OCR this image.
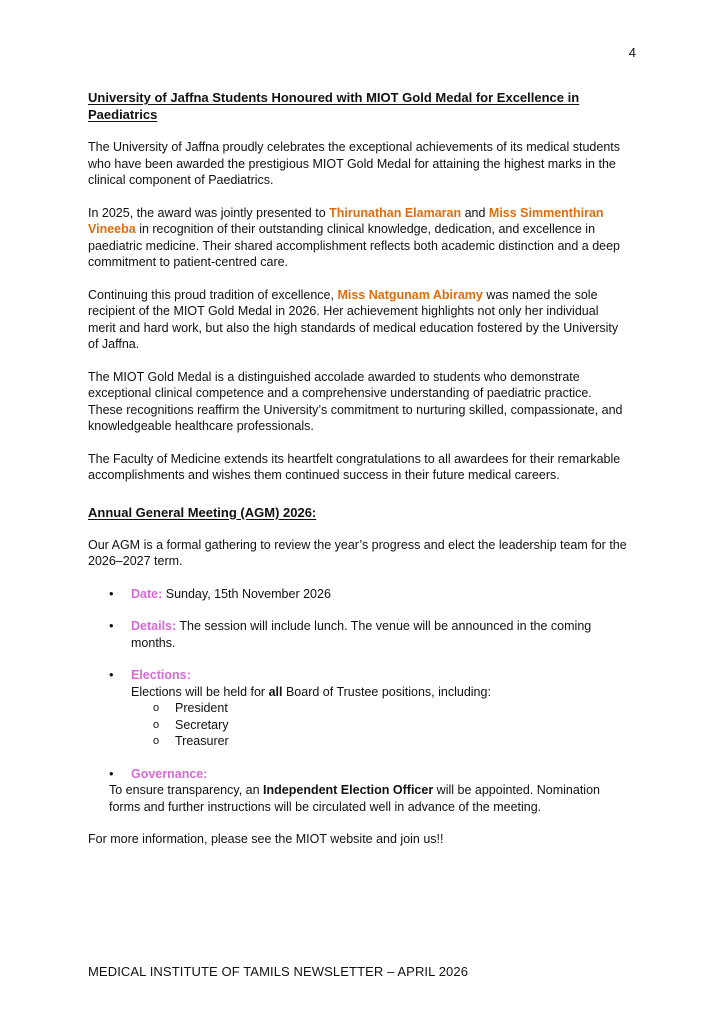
4
University of Jaffna Students Honoured with MIOT Gold Medal for Excellence in Paediatrics

The University of Jaffna proudly celebrates the exceptional achievements of its medical students who have been awarded the prestigious MIOT Gold Medal for attaining the highest marks in the clinical component of Paediatrics.

In 2025, the award was jointly presented to Thirunathan Elamaran and Miss Simmenthiran Vineeba in recognition of their outstanding clinical knowledge, dedication, and excellence in paediatric medicine. Their shared accomplishment reflects both academic distinction and a deep commitment to patient-centred care.

Continuing this proud tradition of excellence, Miss Natgunam Abiramy was named the sole recipient of the MIOT Gold Medal in 2026. Her achievement highlights not only her individual merit and hard work, but also the high standards of medical education fostered by the University of Jaffna.

The MIOT Gold Medal is a distinguished accolade awarded to students who demonstrate exceptional clinical competence and a comprehensive understanding of paediatric practice. These recognitions reaffirm the University’s commitment to nurturing skilled, compassionate, and knowledgeable healthcare professionals.

The Faculty of Medicine extends its heartfelt congratulations to all awardees for their remarkable accomplishments and wishes them continued success in their future medical careers.

Annual General Meeting (AGM) 2026:

Our AGM is a formal gathering to review the year’s progress and elect the leadership team for the 2026–2027 term.

• Date: Sunday, 15th November 2026
• Details: The session will include lunch. The venue will be announced in the coming months.
• Elections:
Elections will be held for all Board of Trustee positions, including:
o President
o Secretary
o Treasurer
• Governance:
To ensure transparency, an Independent Election Officer will be appointed. Nomination forms and further instructions will be circulated well in advance of the meeting.

For more information, please see the MIOT website and join us!!

MEDICAL INSTITUTE OF TAMILS NEWSLETTER – APRIL 2026
